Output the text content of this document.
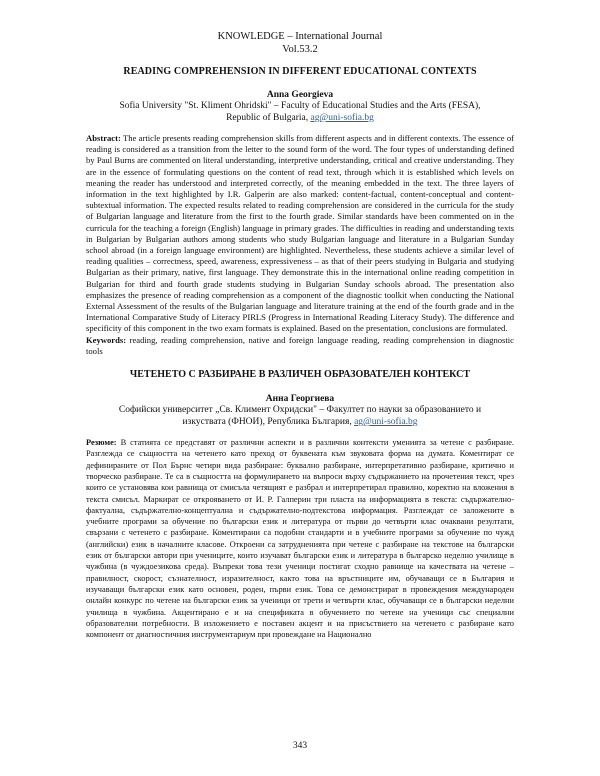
KNOWLEDGE – International Journal
Vol.53.2
READING COMPREHENSION IN DIFFERENT EDUCATIONAL CONTEXTS
Anna Georgieva
Sofia University "St. Kliment Ohridski" – Faculty of Educational Studies and the Arts (FESA),
Republic of Bulgaria, ag@uni-sofia.bg
Abstract: The article presents reading comprehension skills from different aspects and in different contexts. The essence of reading is considered as a transition from the letter to the sound form of the word. The four types of understanding defined by Paul Burns are commented on literal understanding, interpretive understanding, critical and creative understanding. They are in the essence of formulating questions on the content of read text, through which it is established which levels on meaning the reader has understood and interpreted correctly, of the meaning embedded in the text. The three layers of information in the text highlighted by I.R. Galperin are also marked: content-factual, content-conceptual and content-subtextual information. The expected results related to reading comprehension are considered in the curricula for the study of Bulgarian language and literature from the first to the fourth grade. Similar standards have been commented on in the curricula for the teaching a foreign (English) language in primary grades. The difficulties in reading and understanding texts in Bulgarian by Bulgarian authors among students who study Bulgarian language and literature in a Bulgarian Sunday school abroad (in a foreign language environment) are highlighted. Nevertheless, these students achieve a similar level of reading qualities – correctness, speed, awareness, expressiveness – as that of their peers studying in Bulgaria and studying Bulgarian as their primary, native, first language. They demonstrate this in the international online reading competition in Bulgarian for third and fourth grade students studying in Bulgarian Sunday schools abroad. The presentation also emphasizes the presence of reading comprehension as a component of the diagnostic toolkit when conducting the National External Assessment of the results of the Bulgarian language and literature training at the end of the fourth grade and in the International Comparative Study of Literacy PIRLS (Progress in International Reading Literacy Study). The difference and specificity of this component in the two exam formats is explained. Based on the presentation, conclusions are formulated.
Keywords: reading, reading comprehension, native and foreign language reading, reading comprehension in diagnostic tools
ЧЕТЕНЕТО С РАЗБИРАНЕ В РАЗЛИЧЕН ОБРАЗОВАТЕЛЕН КОНТЕКСТ
Анна Георгиева
Софийски университет „Св. Климент Охридски" – Факултет по науки за образованието и
изкуствата (ФНОИ), Република България, ag@uni-sofia.bg
Резюме: В статията се представят от различни аспекти и в различни контексти уменията за четене с разбиране. Разглежда се същността на четенето като преход от буквената към звуковата форма на думата. Коментират се дефинираните от Пол Бърнс четири вида разбиране: буквално разбиране, интерпретативно разбиране, критично и творческо разбиране. Те са в същността на формулирането на въпроси върху съдържанието на прочетения текст, чрез които се установява кои равнища от смисъла четящият е разбрал и интерпретирал правилно, коректно на вложения в текста смисъл. Маркират се открояването от И. Р. Галперин три пласта на информацията в текста: съдържателно-фактуална, съдържателно-концептуална и съдържателно-подтекстова информация. Разглеждат се заложените в учебните програми за обучение по български език и литература от първи до четвърти клас очаквани резултати, свързани с четенето с разбиране. Коментирани са подобни стандарти и в учебните програми за обучение по чужд (английски) език в началните класове. Откроени са затрудненията при четене с разбиране на текстове на български език от български автори при учениците, които изучават български език и литература в българско неделно училище в чужбина (в чуждоезикова среда). Въпреки това тези ученици постигат сходно равнище на качествата на четене – правилност, скорост, съзнателност, изразителност, както това на връстниците им, обучаващи се в България и изучаващи български език като основен, роден, първи език. Това се демонстрират в провеждения международен онлайн конкурс по четене на български език за ученици от трети и четвърти клас, обучаващи се в български неделни училища в чужбина. Акцентирано е и на спецификата в обучението по четене на ученици със специални образователни потребности. В изложението е поставен акцент и на присъствието на четенето с разбиране като компонент от диагностичния инструментариум при провеждане на Национално
343
